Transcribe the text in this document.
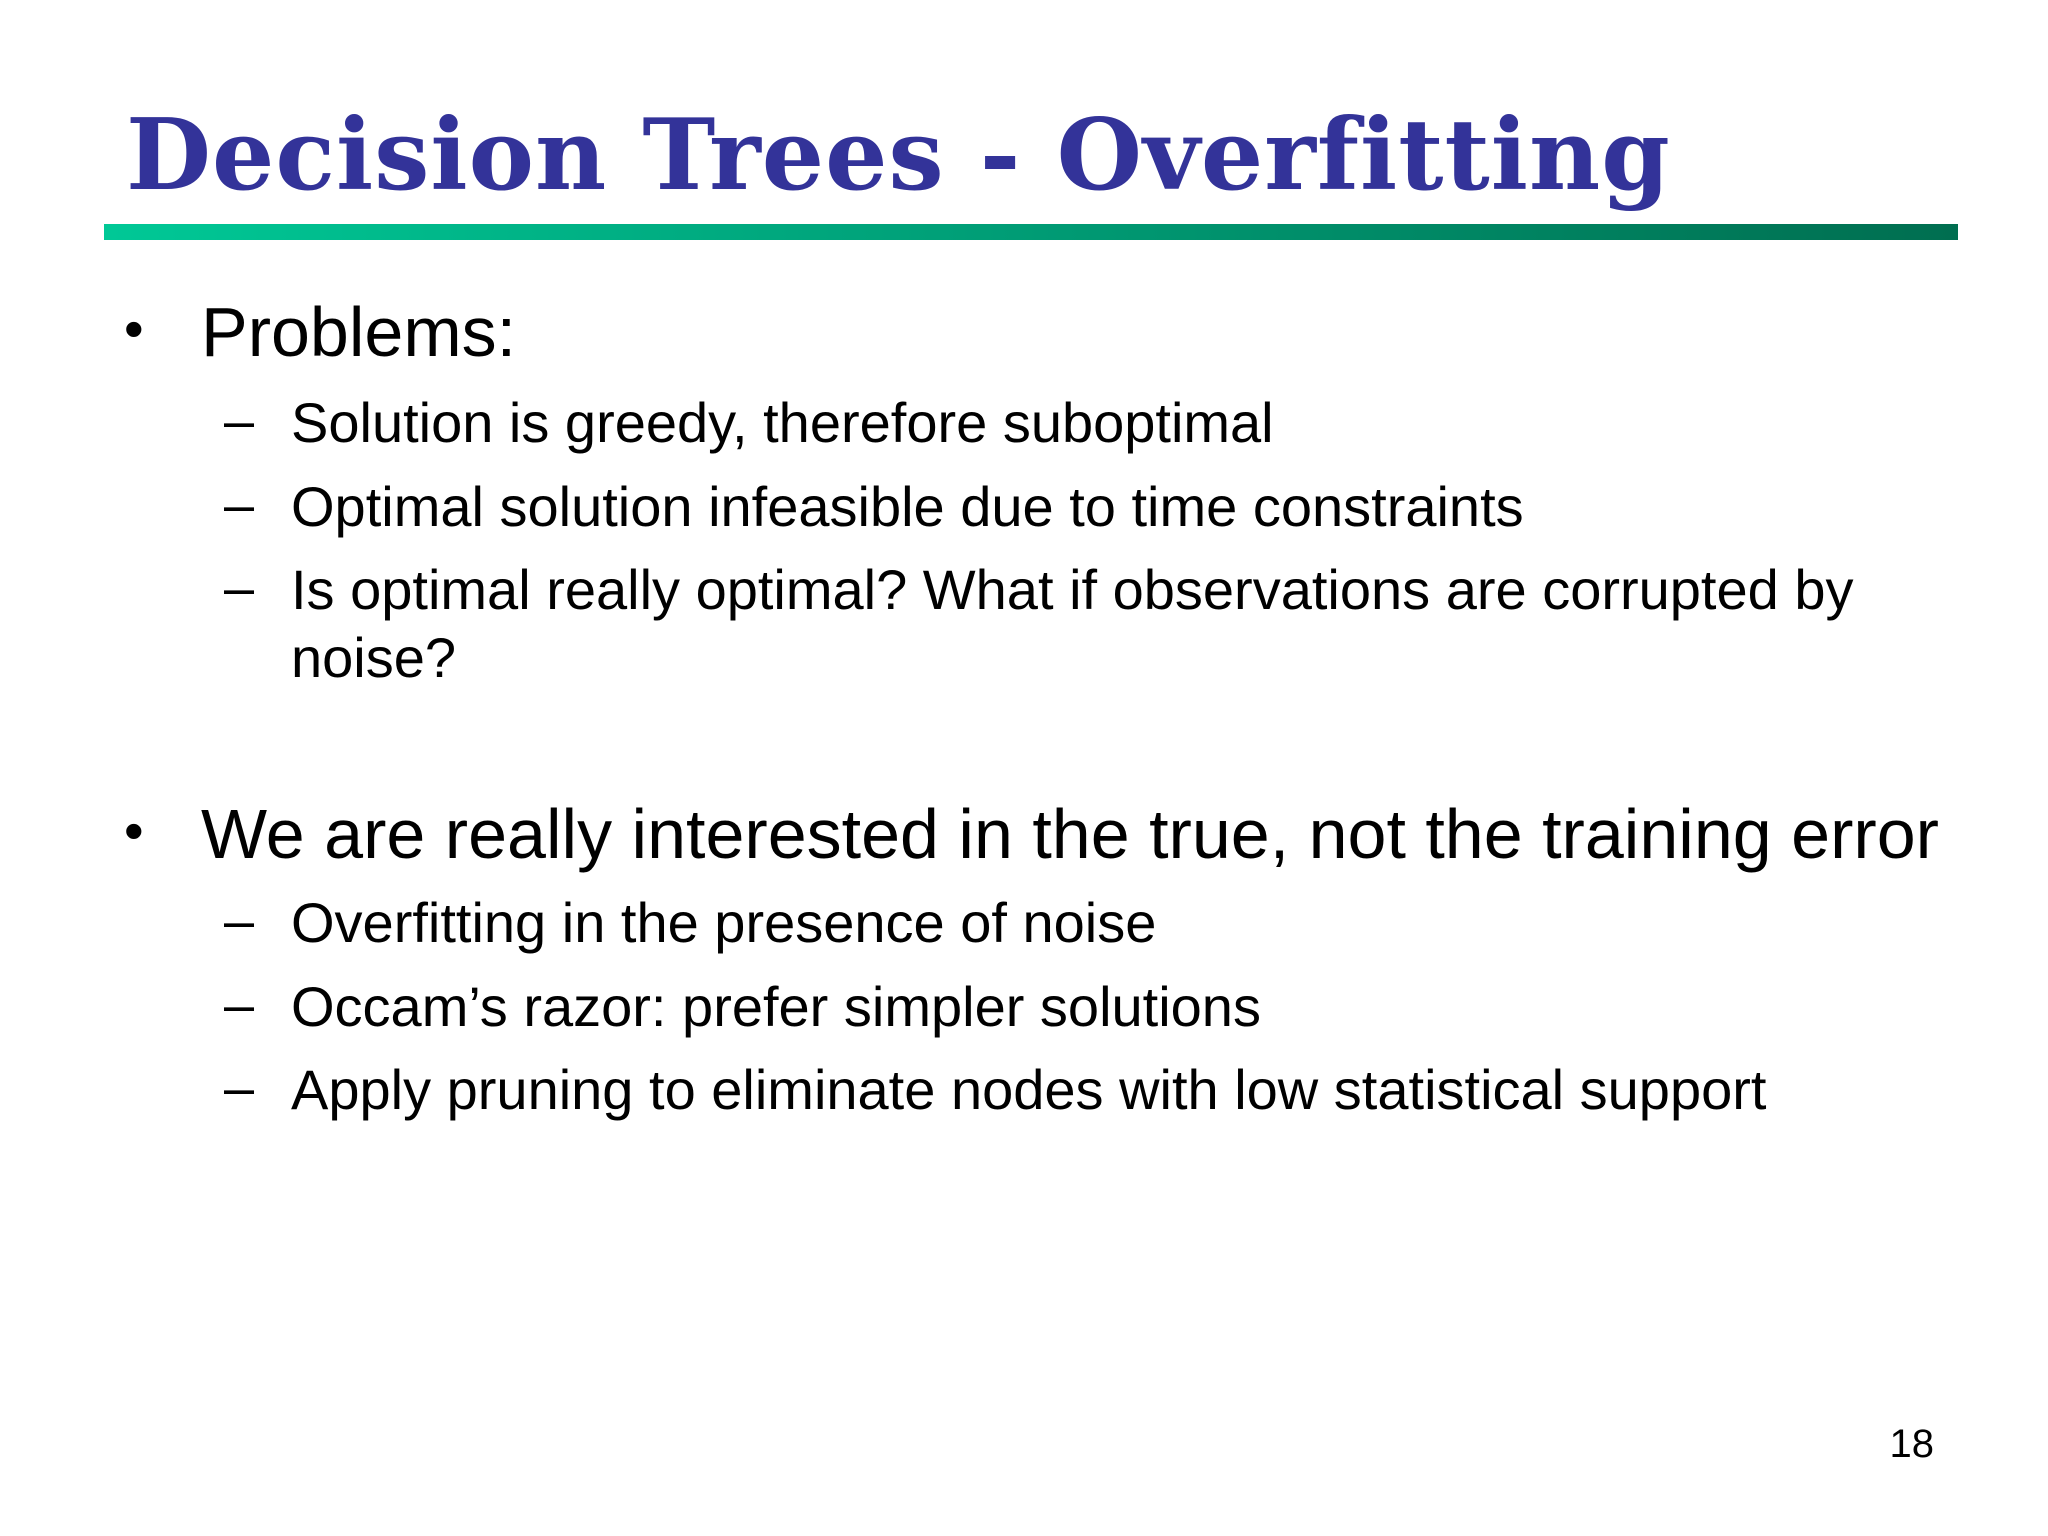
Decision Trees - Overfitting
• Problems:
– Solution is greedy, therefore suboptimal
– Optimal solution infeasible due to time constraints
– Is optimal really optimal? What if observations are corrupted by noise?
• We are really interested in the true, not the training error
– Overfitting in the presence of noise
– Occam’s razor: prefer simpler solutions
– Apply pruning to eliminate nodes with low statistical support
18
